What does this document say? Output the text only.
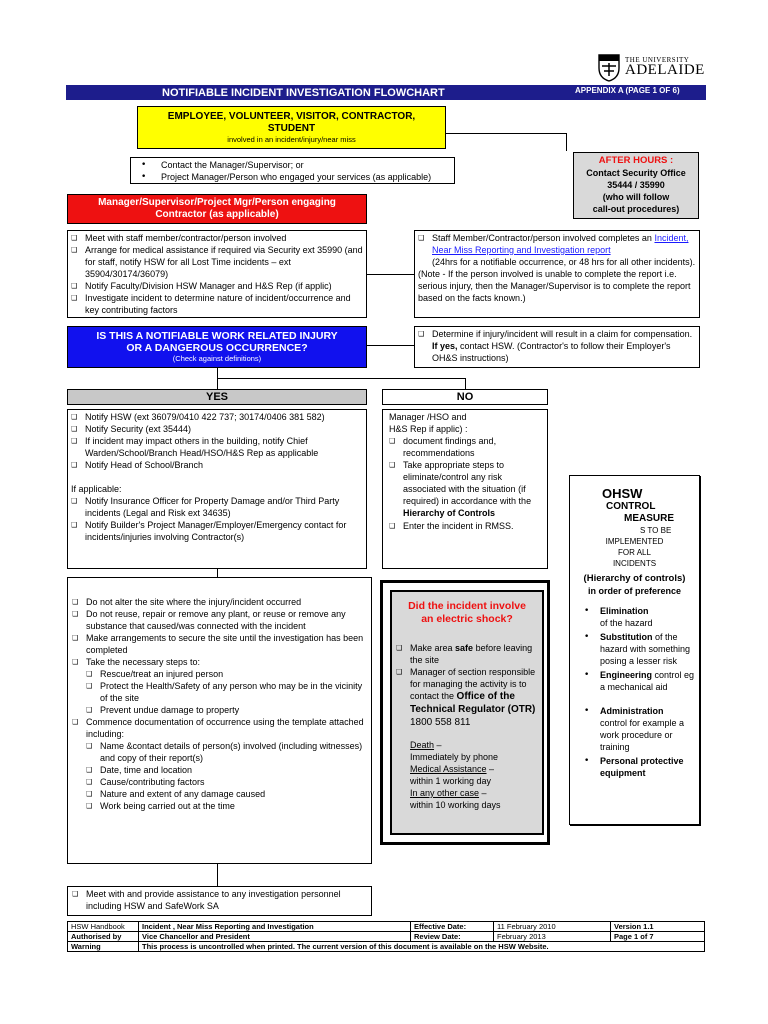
THE UNIVERSITY
ADELAIDE
NOTIFIABLE INCIDENT INVESTIGATION FLOWCHART	APPENDIX A (PAGE 1 OF 6)
EMPLOYEE, VOLUNTEER, VISITOR, CONTRACTOR,
STUDENT
involved in an incident/injury/near miss
• Contact the Manager/Supervisor; or
• Project Manager/Person who engaged your services (as applicable)
AFTER HOURS :
Contact Security Office
35444 / 35990
(who will follow
call-out procedures)
Manager/Supervisor/Project Mgr/Person engaging
Contractor (as applicable)
❑ Meet with staff member/contractor/person involved
❑ Arrange for medical assistance if required via Security ext 35990 (and for staff, notify HSW for all Lost Time incidents – ext 35904/30174/36079)
❑ Notify Faculty/Division HSW Manager and H&S Rep (if applic)
❑ Investigate incident to determine nature of incident/occurrence and key contributing factors
❑ Staff Member/Contractor/person involved completes an Incident, Near Miss Reporting and Investigation report
(24hrs for a notifiable occurrence, or 48 hrs for all other incidents).
(Note - If the person involved is unable to complete the report i.e. serious injury, then the Manager/Supervisor is to complete the report based on the facts known.)
IS THIS A NOTIFIABLE WORK RELATED INJURY
OR A DANGEROUS OCCURRENCE?
(Check against definitions)
❑ Determine if injury/incident will result in a claim for compensation. If yes, contact HSW. (Contractor's to follow their Employer's OH&S instructions)
YES	NO
❑ Notify HSW (ext 36079/0410 422 737; 30174/0406 381 582)
❑ Notify Security (ext 35444)
❑ If incident may impact others in the building, notify Chief Warden/School/Branch Head/HSO/H&S Rep as applicable
❑ Notify Head of School/Branch
If applicable:
❑ Notify Insurance Officer for Property Damage and/or Third Party incidents (Legal and Risk ext 34635)
❑ Notify Builder's Project Manager/Employer/Emergency contact for incidents/injuries involving Contractor(s)
Manager /HSO and
H&S Rep if applic) :
❑ document findings and, recommendations
❑ Take appropriate steps to eliminate/control any risk associated with the situation (if required) in accordance with the Hierarchy of Controls
❑ Enter the incident in RMSS.
OHSW
CONTROL
MEASURE
S TO BE
IMPLEMENTED
FOR ALL
INCIDENTS
(Hierarchy of controls)
in order of preference
• Elimination
of the hazard
• Substitution of the hazard with something posing a lesser risk
• Engineering control eg a mechanical aid
• Administration
control for example a work procedure or training
• Personal protective equipment
❑ Do not alter the site where the injury/incident occurred
❑ Do not reuse, repair or remove any plant, or reuse or remove any substance that caused/was connected with the incident
❑ Make arrangements to secure the site until the investigation has been completed
❑ Take the necessary steps to:
❑ Rescue/treat an injured person
❑ Protect the Health/Safety of any person who may be in the vicinity of the site
❑ Prevent undue damage to property
❑ Commence documentation of occurrence using the template attached including:
❑ Name &contact details of person(s) involved (including witnesses) and copy of their report(s)
❑ Date, time and location
❑ Cause/contributing factors
❑ Nature and extent of any damage caused
❑ Work being carried out at the time
Did the incident involve an electric shock?
❑ Make area safe before leaving the site
❑ Manager of section responsible for managing the activity is to contact the Office of the Technical Regulator (OTR) 1800 558 811
Death –
Immediately by phone
Medical Assistance –
within 1 working day
In any other case –
within 10 working days
❑ Meet with and provide assistance to any investigation personnel including HSW and SafeWork SA
HSW Handbook	Incident , Near Miss Reporting and Investigation	Effective Date:	11 February 2010	Version 1.1
Authorised by	Vice Chancellor and President	Review Date:	February 2013	Page 1 of 7
Warning	This process is uncontrolled when printed. The current version of this document is available on the HSW Website.			
